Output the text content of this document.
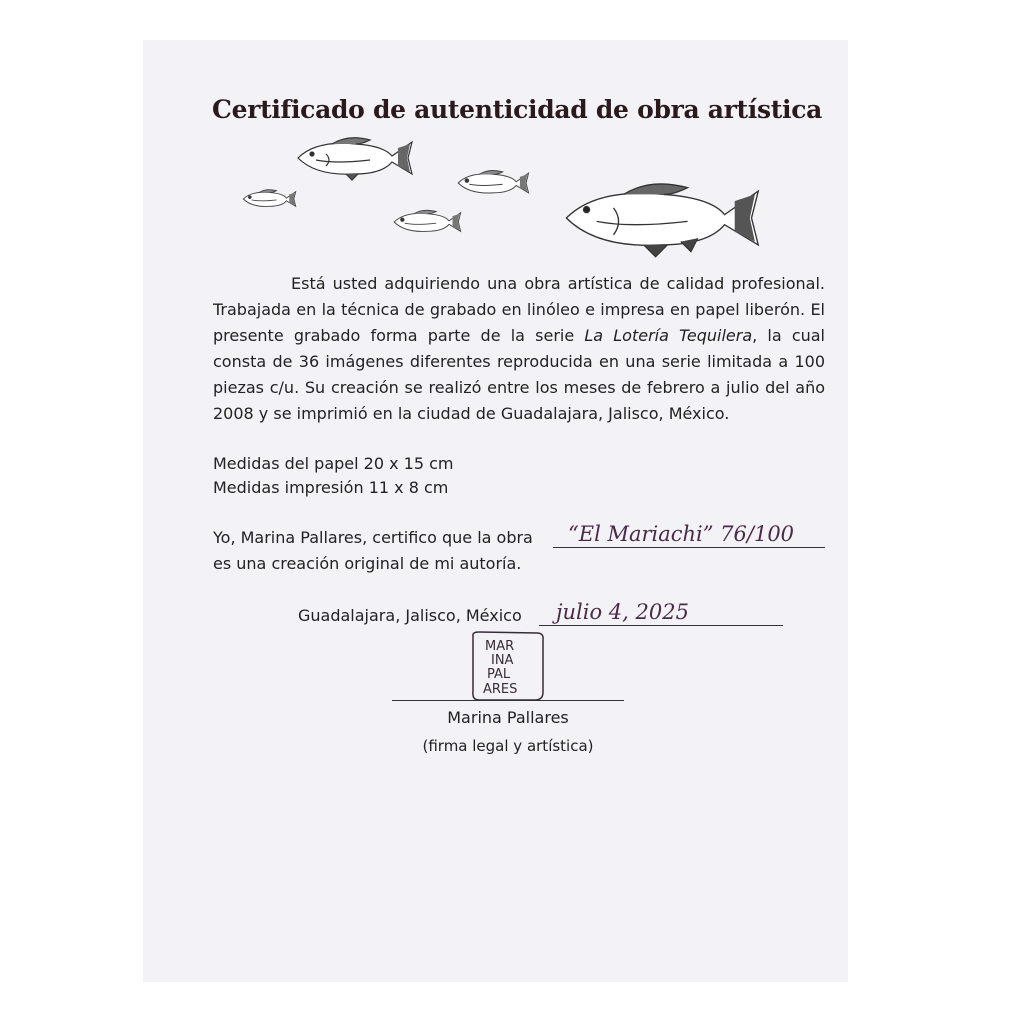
Certificado de autenticidad de obra artística

Está usted adquiriendo una obra artística de calidad profesional. Trabajada en la técnica de grabado en linóleo e impresa en papel liberón. El presente grabado forma parte de la serie La Lotería Tequilera, la cual consta de 36 imágenes diferentes reproducida en una serie limitada a 100 piezas c/u. Su creación se realizó entre los meses de febrero a julio del año 2008 y se imprimió en la ciudad de Guadalajara, Jalisco, México.

Medidas del papel 20 x 15 cm

Medidas impresión 11 x 8 cm

Yo, Marina Pallares, certifico que la obra “El Mariachi” 76/100

es una creación original de mi autoría.

Guadalajara, Jalisco, México julio 4, 2025

MAR
INA
PAL
ARES

Marina Pallares

(firma legal y artística)
